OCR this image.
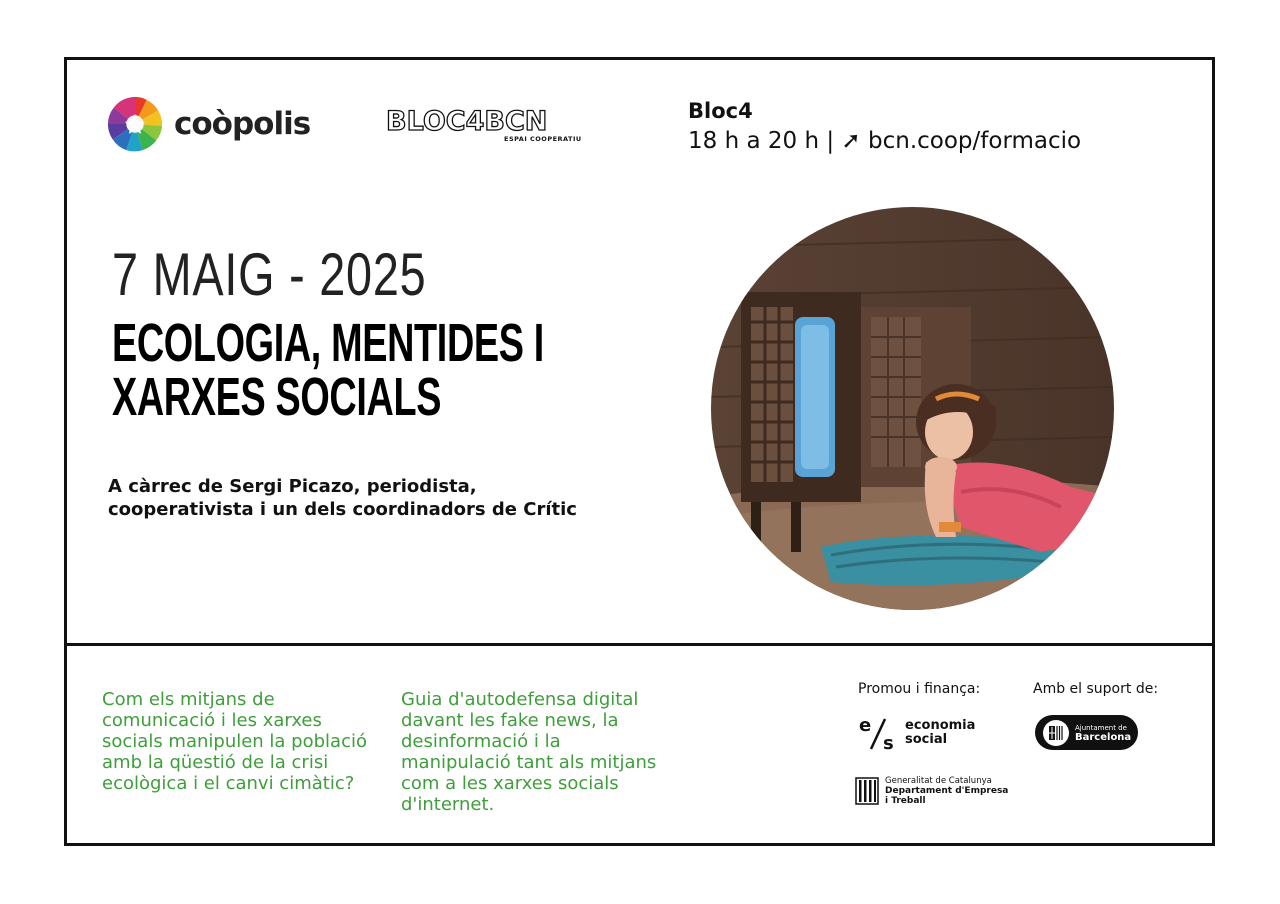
coòpolis	BLOC4BCN
ESPAI COOPERATIU
Bloc4
18 h a 20 h | ➚ bcn.coop/formacio
7 MAIG - 2025
ECOLOGIA, MENTIDES I
XARXES SOCIALS
A càrrec de Sergi Picazo, periodista,
cooperativista i un dels coordinadors de Crític
Com els mitjans de comunicació i les xarxes socials manipulen la població amb la qüestió de la crisi ecològica i el canvi cimàtic?
Guia d'autodefensa digital davant les fake news, la desinformació i la manipulació tant als mitjans com a les xarxes socials d'internet.
Promou i finança:	Amb el suport de:
e
s
economia
social
Generalitat de Catalunya
Departament d'Empresa
i Treball
Ajuntament de
Barcelona
